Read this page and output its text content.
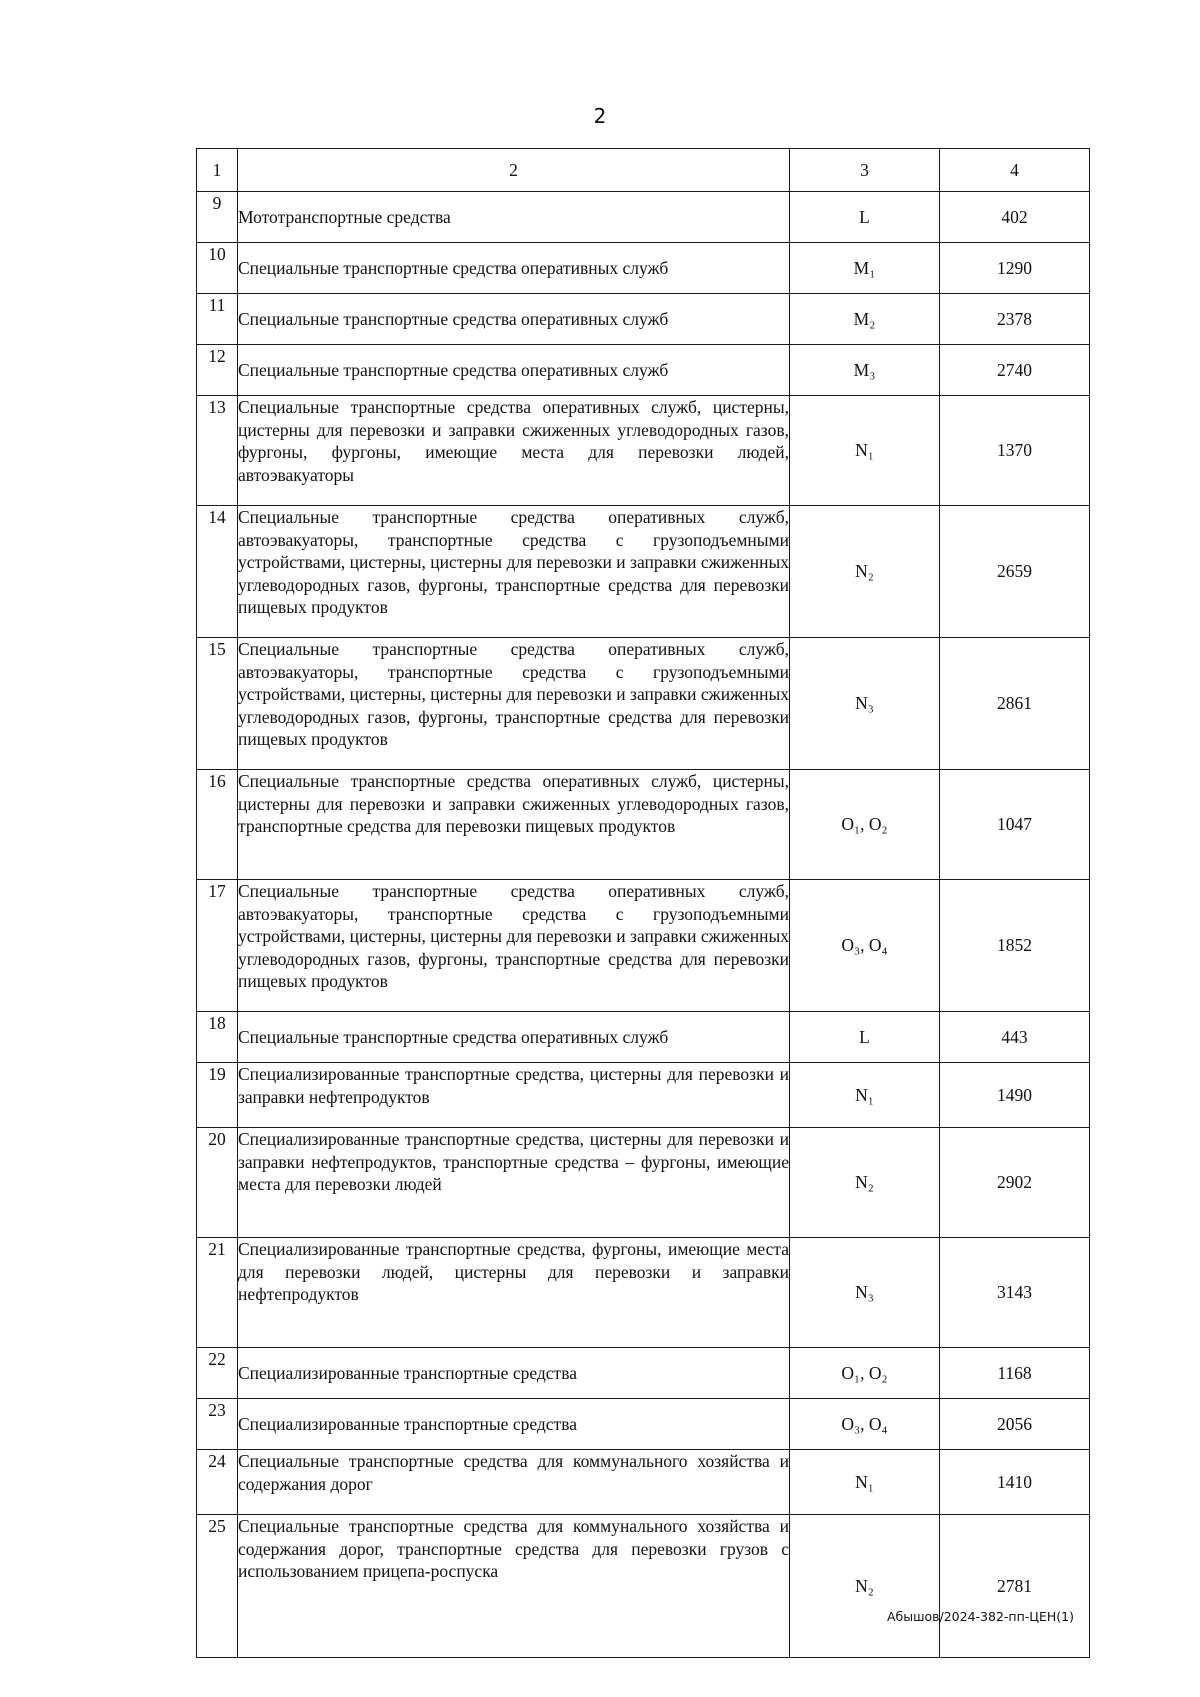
2
1	2	3	4
9	Мототранспортные средства	L	402
10	Специальные транспортные средства оперативных служб	M₁	1290
11	Специальные транспортные средства оперативных служб	M₂	2378
12	Специальные транспортные средства оперативных служб	M₃	2740
13	Специальные транспортные средства оперативных служб, цистерны, цистерны для перевозки и заправки сжиженных углеводородных газов, фургоны, фургоны, имеющие места для перевозки людей, автоэвакуаторы	N₁	1370
14	Специальные транспортные средства оперативных служб, автоэвакуаторы, транспортные средства с грузоподъемными устройствами, цистерны, цистерны для перевозки и заправки сжиженных углеводородных газов, фургоны, транспортные средства для перевозки пищевых продуктов	N₂	2659
15	Специальные транспортные средства оперативных служб, автоэвакуаторы, транспортные средства с грузоподъемными устройствами, цистерны, цистерны для перевозки и заправки сжиженных углеводородных газов, фургоны, транспортные средства для перевозки пищевых продуктов	N₃	2861
16	Специальные транспортные средства оперативных служб, цистерны, цистерны для перевозки и заправки сжиженных углеводородных газов, транспортные средства для перевозки пищевых продуктов	O₁, O₂	1047
17	Специальные транспортные средства оперативных служб, автоэвакуаторы, транспортные средства с грузоподъемными устройствами, цистерны, цистерны для перевозки и заправки сжиженных углеводородных газов, фургоны, транспортные средства для перевозки пищевых продуктов	O₃, O₄	1852
18	Специальные транспортные средства оперативных служб	L	443
19	Специализированные транспортные средства, цистерны для перевозки и заправки нефтепродуктов	N₁	1490
20	Специализированные транспортные средства, цистерны для перевозки и заправки нефтепродуктов, транспортные средства – фургоны, имеющие места для перевозки людей	N₂	2902
21	Специализированные транспортные средства, фургоны, имеющие места для перевозки людей, цистерны для перевозки и заправки нефтепродуктов	N₃	3143
22	Специализированные транспортные средства	O₁, O₂	1168
23	Специализированные транспортные средства	O₃, O₄	2056
24	Специальные транспортные средства для коммунального хозяйства и содержания дорог	N₁	1410
25	Специальные транспортные средства для коммунального хозяйства и содержания дорог, транспортные средства для перевозки грузов с использованием прицепа-роспуска	N₂	2781
Абышов/2024-382-пп-ЦЕН(1)
